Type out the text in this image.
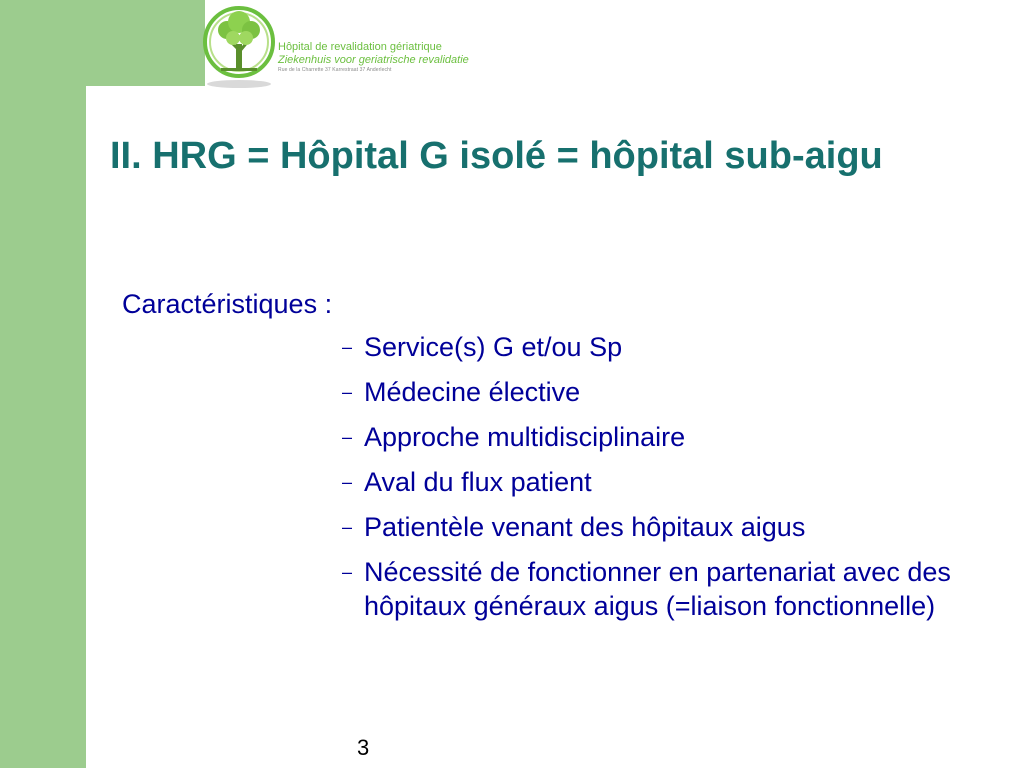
Hôpital de revalidation gériatrique
Ziekenhuis voor geriatrische revalidatie
Rue de la Charrette 37 Karrestraat 37 Anderlecht
II. HRG = Hôpital G isolé = hôpital sub-aigu

Caractéristiques :

– Service(s) G et/ou Sp
– Médecine élective
– Approche multidisciplinaire
– Aval du flux patient
– Patientèle venant des hôpitaux aigus
– Nécessité de fonctionner en partenariat avec des hôpitaux généraux aigus (=liaison fonctionnelle)
3
